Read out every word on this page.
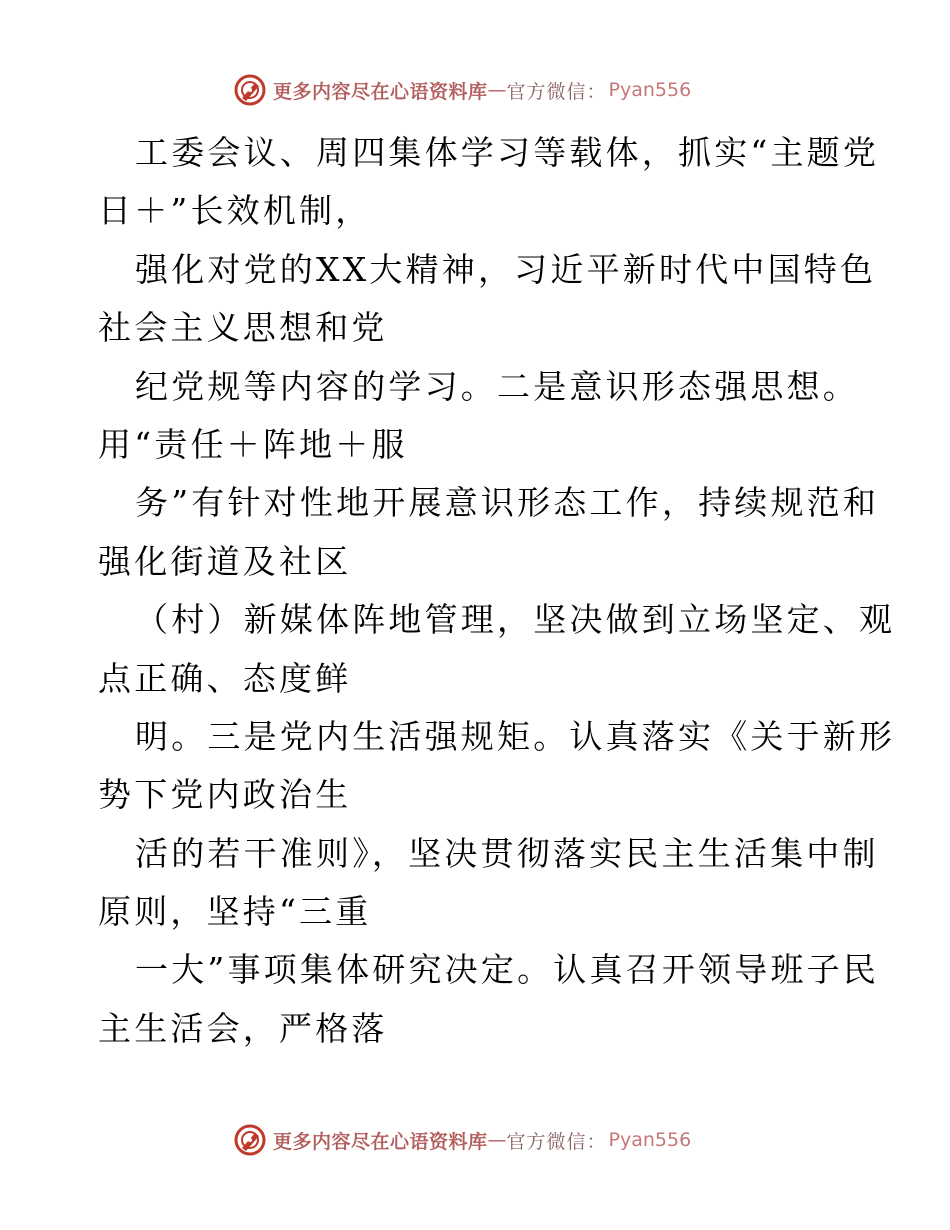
更多内容尽在心语资料库 — 官方微信： Pyan556
工委会议、周四集体学习等载体，抓实“主题党
日＋”长效机制，
强化对党的XX大精神，习近平新时代中国特色
社会主义思想和党
纪党规等内容的学习。二是意识形态强思想。
用“责任＋阵地＋服
务”有针对性地开展意识形态工作，持续规范和
强化街道及社区
（村）新媒体阵地管理，坚决做到立场坚定、观
点正确、态度鲜
明。三是党内生活强规矩。认真落实《关于新形
势下党内政治生
活的若干准则》，坚决贯彻落实民主生活集中制
原则，坚持“三重
一大”事项集体研究决定。认真召开领导班子民
主生活会，严格落
更多内容尽在心语资料库 — 官方微信： Pyan556
